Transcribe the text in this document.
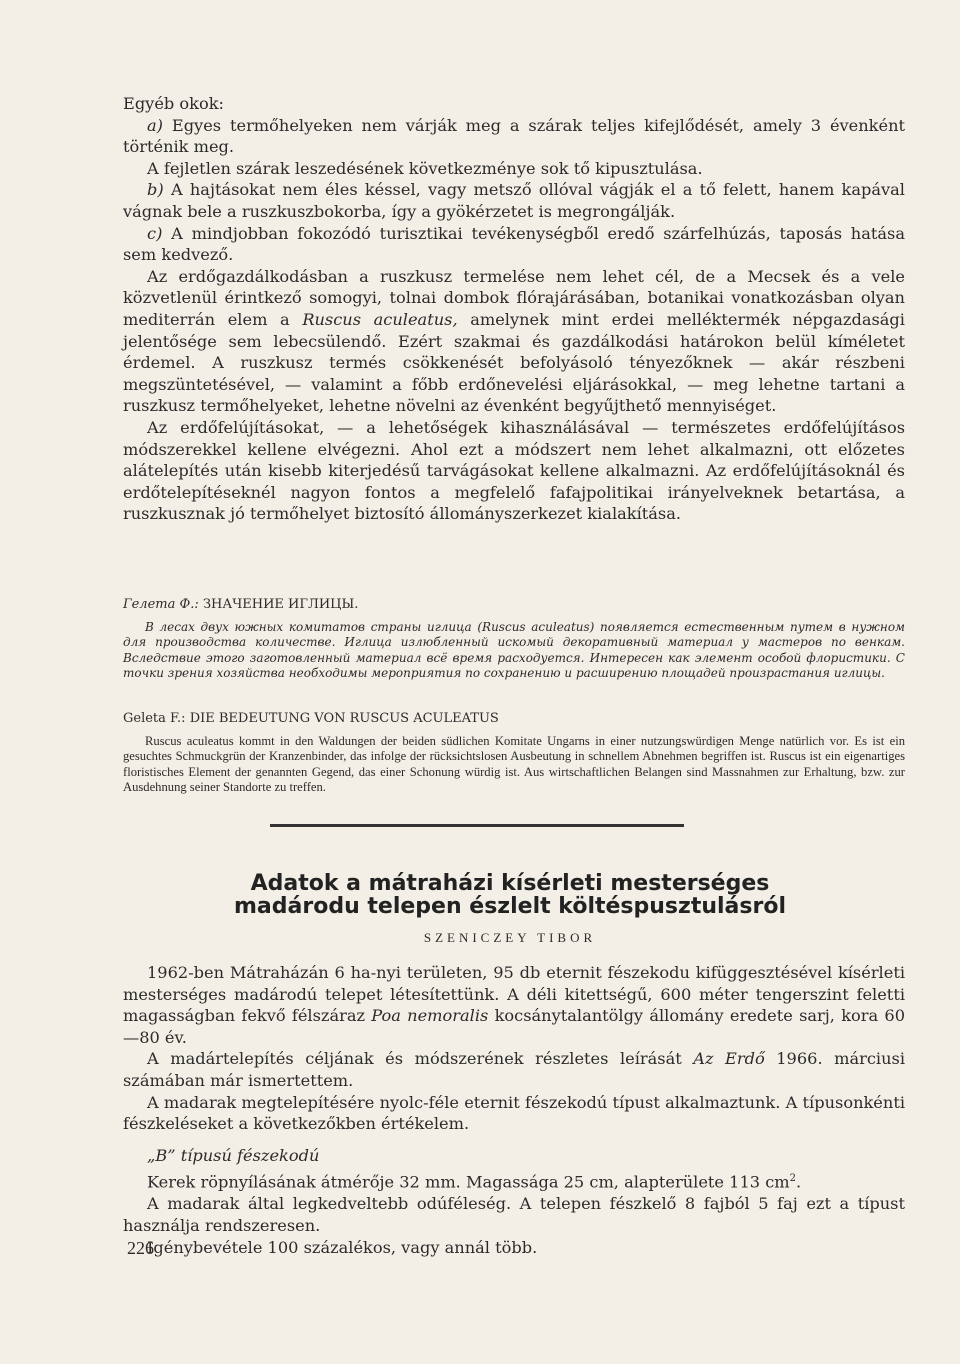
Egyéb okok:

a) Egyes termőhelyeken nem várják meg a szárak teljes kifejlődését, amely 3 évenként történik meg.

A fejletlen szárak leszedésének következménye sok tő kipusztulása.

b) A hajtásokat nem éles késsel, vagy metsző ollóval vágják el a tő felett, hanem kapával vágnak bele a ruszkuszbokorba, így a gyökérzetet is megrongálják.

c) A mindjobban fokozódó turisztikai tevékenységből eredő szárfelhúzás, taposás hatása sem kedvező.

Az erdőgazdálkodásban a ruszkusz termelése nem lehet cél, de a Mecsek és a vele közvetlenül érintkező somogyi, tolnai dombok flórajárásában, botanikai vonatkozásban olyan mediterrán elem a Ruscus aculeatus, amelynek mint erdei melléktermék népgazdasági jelentősége sem lebecsülendő. Ezért szakmai és gazdálkodási határokon belül kíméletet érdemel. A ruszkusz termés csökkenését befolyásoló tényezőknek — akár részbeni megszüntetésével, — valamint a főbb erdőnevelési eljárásokkal, — meg lehetne tartani a ruszkusz termőhelyeket, lehetne növelni az évenként begyűjthető mennyiséget.

Az erdőfelújításokat, — a lehetőségek kihasználásával — természetes erdőfelújításos módszerekkel kellene elvégezni. Ahol ezt a módszert nem lehet alkalmazni, ott előzetes alátelepítés után kisebb kiterjedésű tarvágásokat kellene alkalmazni. Az erdőfelújításoknál és erdőtelepítéseknél nagyon fontos a megfelelő fafajpolitikai irányelveknek betartása, a ruszkusznak jó termőhelyet biztosító állományszerkezet kialakítása.

Гелета Ф.: ЗНАЧЕНИЕ ИГЛИЦЫ.

В лесах двух южных комитатов страны иглица (Ruscus aculeatus) появляется естественным путем в нужном для производства количестве. Иглица излюбленный искомый декоративный материал у мастеров по венкам. Вследствие этого заготовленный материал всё время расходуется. Интересен как элемент особой флористики. С точки зрения хозяйства необходимы мероприятия по сохранению и расширению площадей произрастания иглицы.

Geleta F.: DIE BEDEUTUNG VON RUSCUS ACULEATUS

Ruscus aculeatus kommt in den Waldungen der beiden südlichen Komitate Ungarns in einer nutzungswürdigen Menge natürlich vor. Es ist ein gesuchtes Schmuckgrün der Kranzenbinder, das infolge der rücksichtslosen Ausbeutung in schnellem Abnehmen begriffen ist. Ruscus ist ein eigenartiges floristisches Element der genannten Gegend, das einer Schonung würdig ist. Aus wirtschaftlichen Belangen sind Massnahmen zur Erhaltung, bzw. zur Ausdehnung seiner Standorte zu treffen.

Adatok a mátraházi kísérleti mesterséges
madárodu telepen észlelt költéspusztulásról
SZENICZEY TIBOR

1962-ben Mátraházán 6 ha-nyi területen, 95 db eternit fészekodu kifüggesztésével kísérleti mesterséges madárodú telepet létesítettünk. A déli kitettségű, 600 méter tengerszint feletti magasságban fekvő félszáraz Poa nemoralis kocsánytalantölgy állomány eredete sarj, kora 60—80 év.

A madártelepítés céljának és módszerének részletes leírását Az Erdő 1966. márciusi számában már ismertettem.

A madarak megtelepítésére nyolc-féle eternit fészekodú típust alkalmaztunk. A típusonkénti fészkeléseket a következőkben értékelem.

„B” típusú fészekodú

Kerek röpnyílásának átmérője 32 mm. Magassága 25 cm, alapterülete 113 $cm^2$.

A madarak által legkedveltebb odúféleség. A telepen fészkelő 8 fajból 5 faj ezt a típust használja rendszeresen.

Igénybevétele 100 százalékos, vagy annál több.

226
